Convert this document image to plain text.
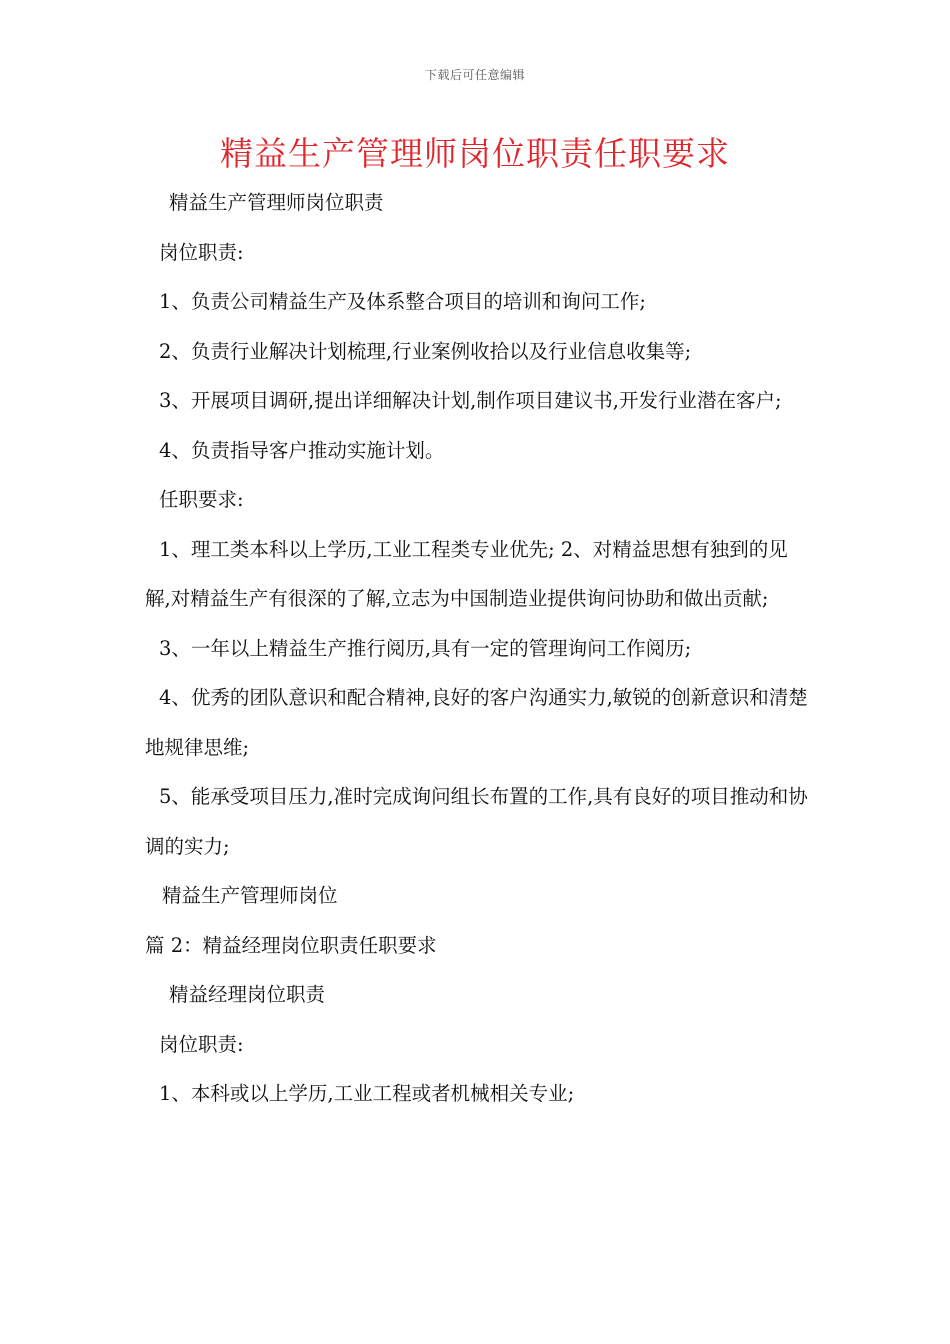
下载后可任意编辑
精益生产管理师岗位职责任职要求

精益生产管理师岗位职责

岗位职责:

1、负责公司精益生产及体系整合项目的培训和询问工作;

2、负责行业解决计划梳理,行业案例收拾以及行业信息收集等;

3、开展项目调研,提出详细解决计划,制作项目建议书,开发行业潜在客户;

4、负责指导客户推动实施计划。

任职要求:

1、理工类本科以上学历,工业工程类专业优先; 2、对精益思想有独到的见解,对精益生产有很深的了解,立志为中国制造业提供询问协助和做出贡献;

3、一年以上精益生产推行阅历,具有一定的管理询问工作阅历;

4、优秀的团队意识和配合精神,良好的客户沟通实力,敏锐的创新意识和清楚地规律思维;

5、能承受项目压力,准时完成询问组长布置的工作,具有良好的项目推动和协调的实力;

精益生产管理师岗位

篇 2：精益经理岗位职责任职要求

精益经理岗位职责

岗位职责:

1、本科或以上学历,工业工程或者机械相关专业;
